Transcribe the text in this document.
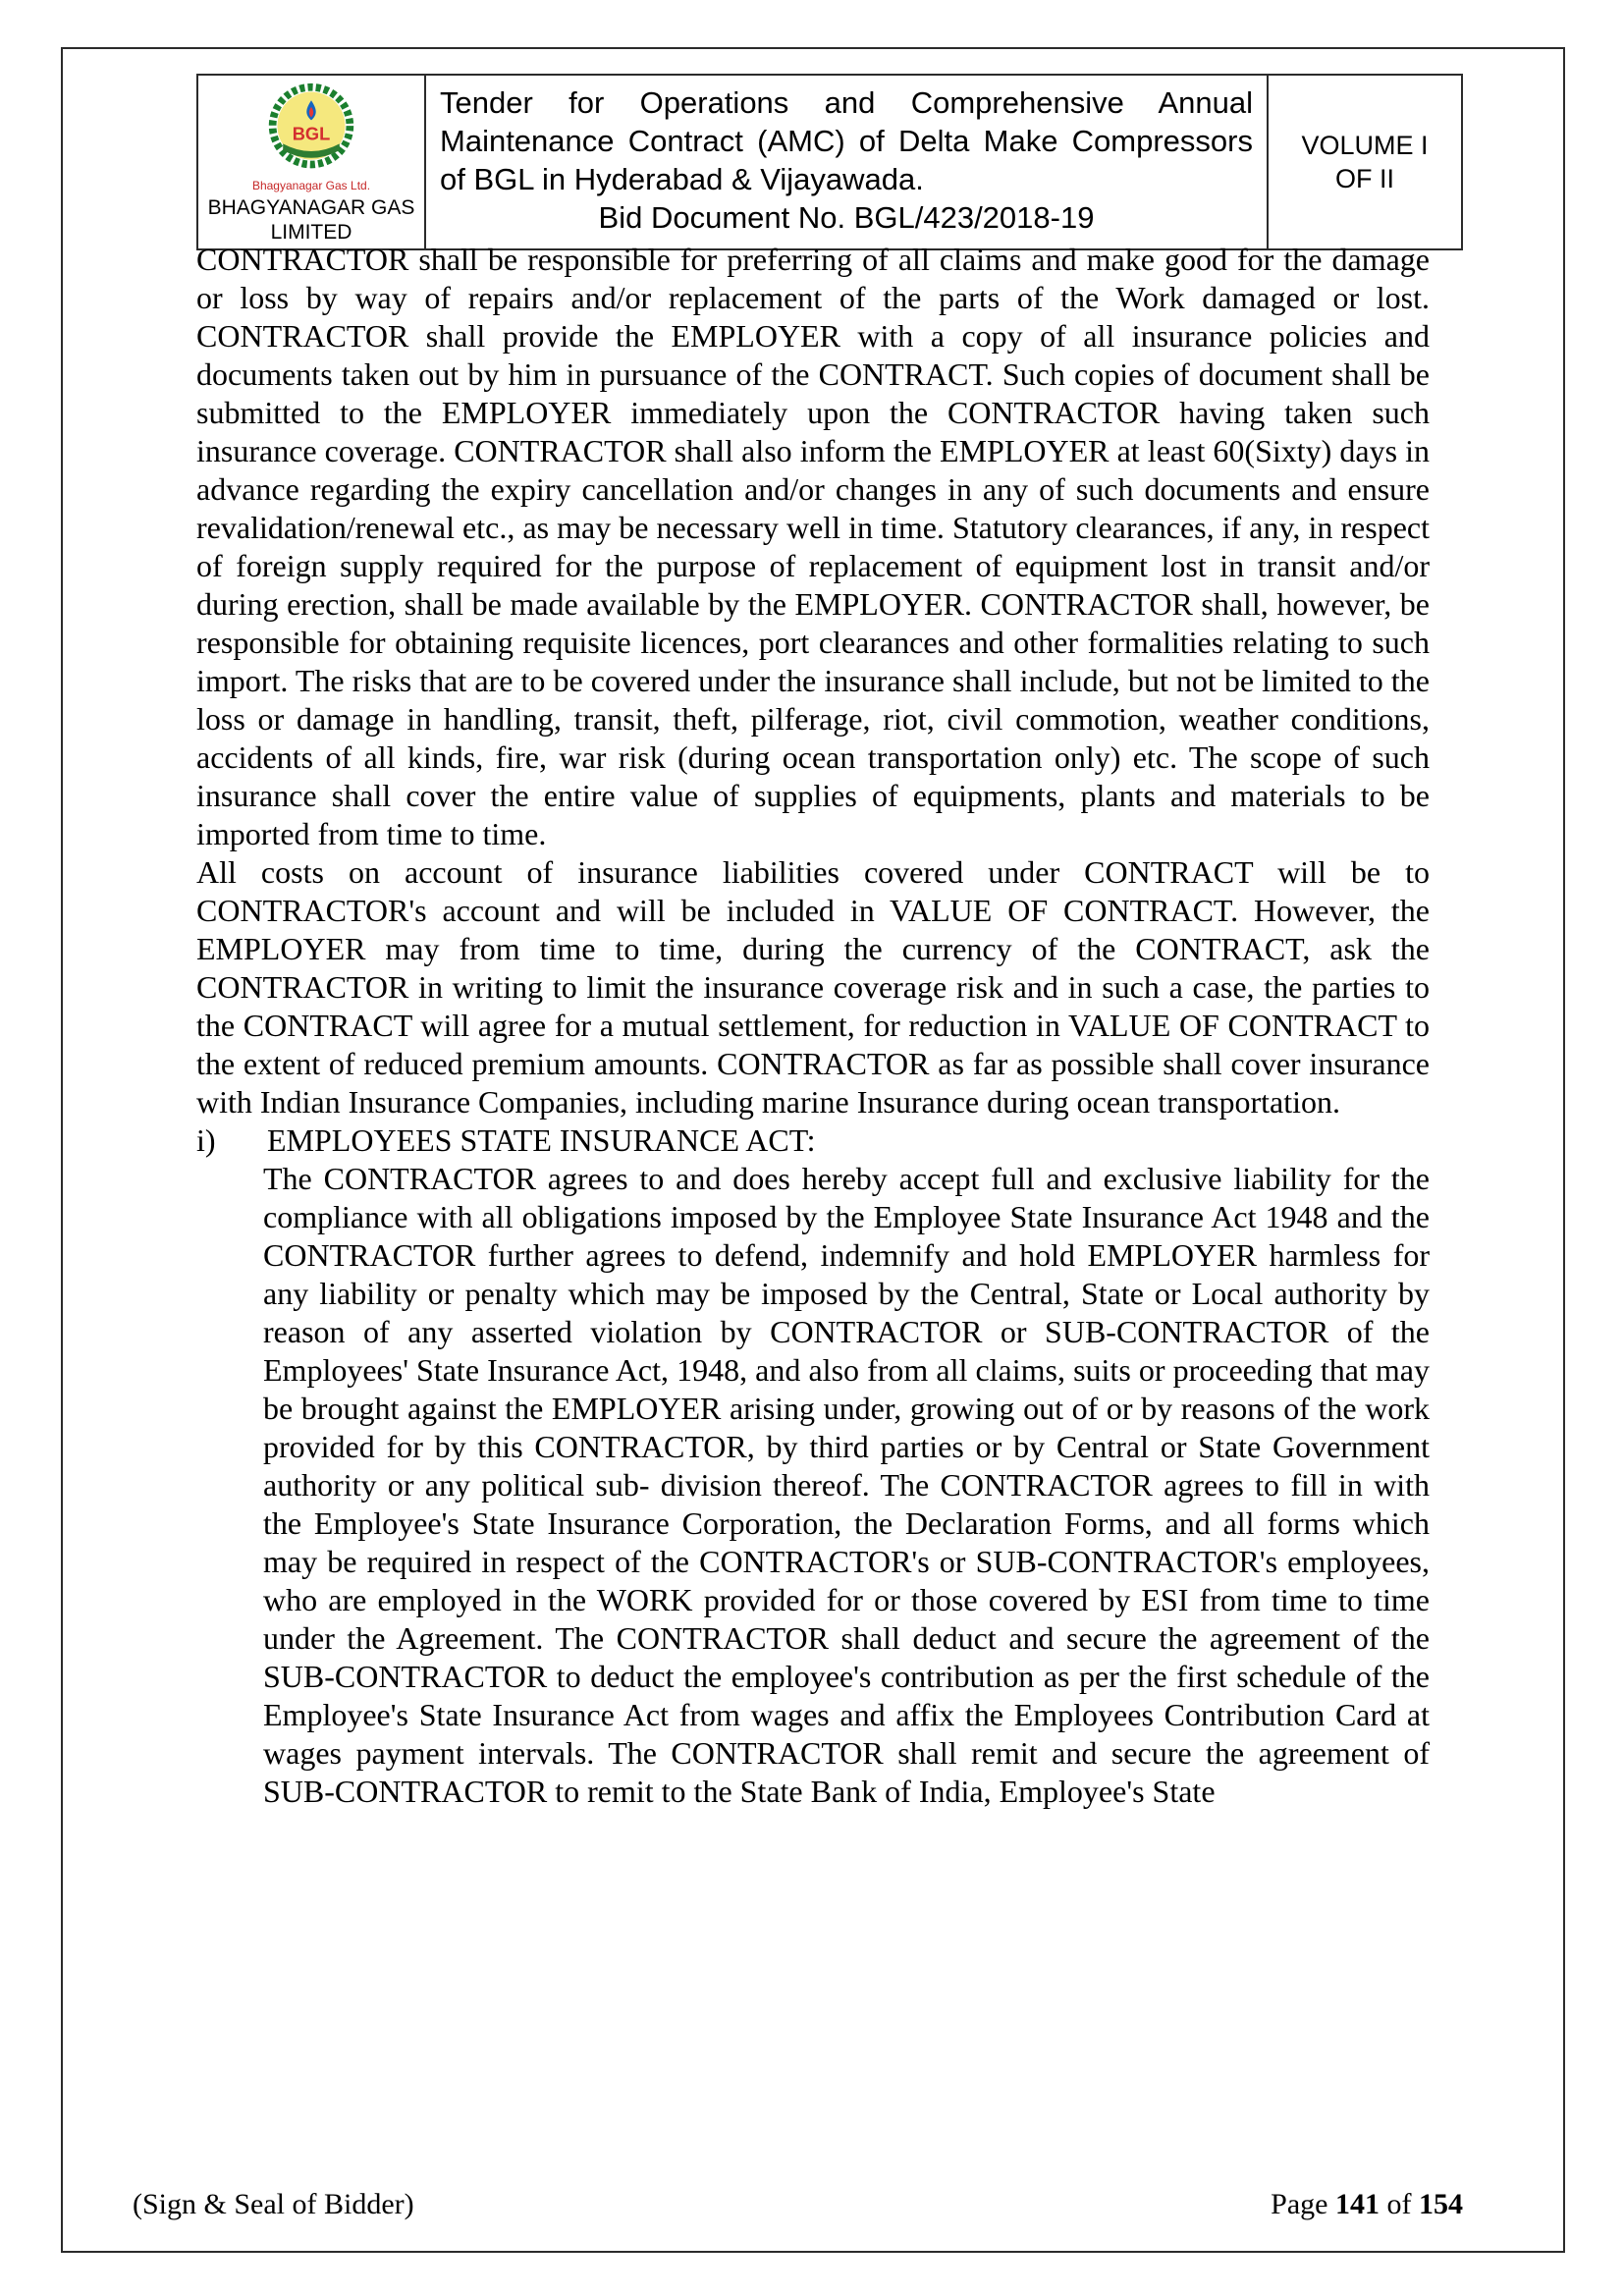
BGL
Bhagyanagar Gas Ltd.
BHAGYANAGAR GAS LIMITED
Tender for Operations and Comprehensive Annual Maintenance Contract (AMC) of Delta Make Compressors of BGL in Hyderabad & Vijayawada.
Bid Document No. BGL/423/2018-19
VOLUME I
OF II

CONTRACTOR shall be responsible for preferring of all claims and make good for the damage or loss by way of repairs and/or replacement of the parts of the Work damaged or lost. CONTRACTOR shall provide the EMPLOYER with a copy of all insurance policies and documents taken out by him in pursuance of the CONTRACT. Such copies of document shall be submitted to the EMPLOYER immediately upon the CONTRACTOR having taken such insurance coverage. CONTRACTOR shall also inform the EMPLOYER at least 60(Sixty) days in advance regarding the expiry cancellation and/or changes in any of such documents and ensure revalidation/renewal etc., as may be necessary well in time. Statutory clearances, if any, in respect of foreign supply required for the purpose of replacement of equipment lost in transit and/or during erection, shall be made available by the EMPLOYER. CONTRACTOR shall, however, be responsible for obtaining requisite licences, port clearances and other formalities relating to such import. The risks that are to be covered under the insurance shall include, but not be limited to the loss or damage in handling, transit, theft, pilferage, riot, civil commotion, weather conditions, accidents of all kinds, fire, war risk (during ocean transportation only) etc. The scope of such insurance shall cover the entire value of supplies of equipments, plants and materials to be imported from time to time.

All costs on account of insurance liabilities covered under CONTRACT will be to CONTRACTOR's account and will be included in VALUE OF CONTRACT. However, the EMPLOYER may from time to time, during the currency of the CONTRACT, ask the CONTRACTOR in writing to limit the insurance coverage risk and in such a case, the parties to the CONTRACT will agree for a mutual settlement, for reduction in VALUE OF CONTRACT to the extent of reduced premium amounts. CONTRACTOR as far as possible shall cover insurance with Indian Insurance Companies, including marine Insurance during ocean transportation.

i) EMPLOYEES STATE INSURANCE ACT:

The CONTRACTOR agrees to and does hereby accept full and exclusive liability for the compliance with all obligations imposed by the Employee State Insurance Act 1948 and the CONTRACTOR further agrees to defend, indemnify and hold EMPLOYER harmless for any liability or penalty which may be imposed by the Central, State or Local authority by reason of any asserted violation by CONTRACTOR or SUB-CONTRACTOR of the Employees' State Insurance Act, 1948, and also from all claims, suits or proceeding that may be brought against the EMPLOYER arising under, growing out of or by reasons of the work provided for by this CONTRACTOR, by third parties or by Central or State Government authority or any political sub- division thereof. The CONTRACTOR agrees to fill in with the Employee's State Insurance Corporation, the Declaration Forms, and all forms which may be required in respect of the CONTRACTOR's or SUB-CONTRACTOR's employees, who are employed in the WORK provided for or those covered by ESI from time to time under the Agreement. The CONTRACTOR shall deduct and secure the agreement of the SUB-CONTRACTOR to deduct the employee's contribution as per the first schedule of the Employee's State Insurance Act from wages and affix the Employees Contribution Card at wages payment intervals. The CONTRACTOR shall remit and secure the agreement of SUB-CONTRACTOR to remit to the State Bank of India, Employee's State

(Sign & Seal of Bidder)	Page 141 of 154
